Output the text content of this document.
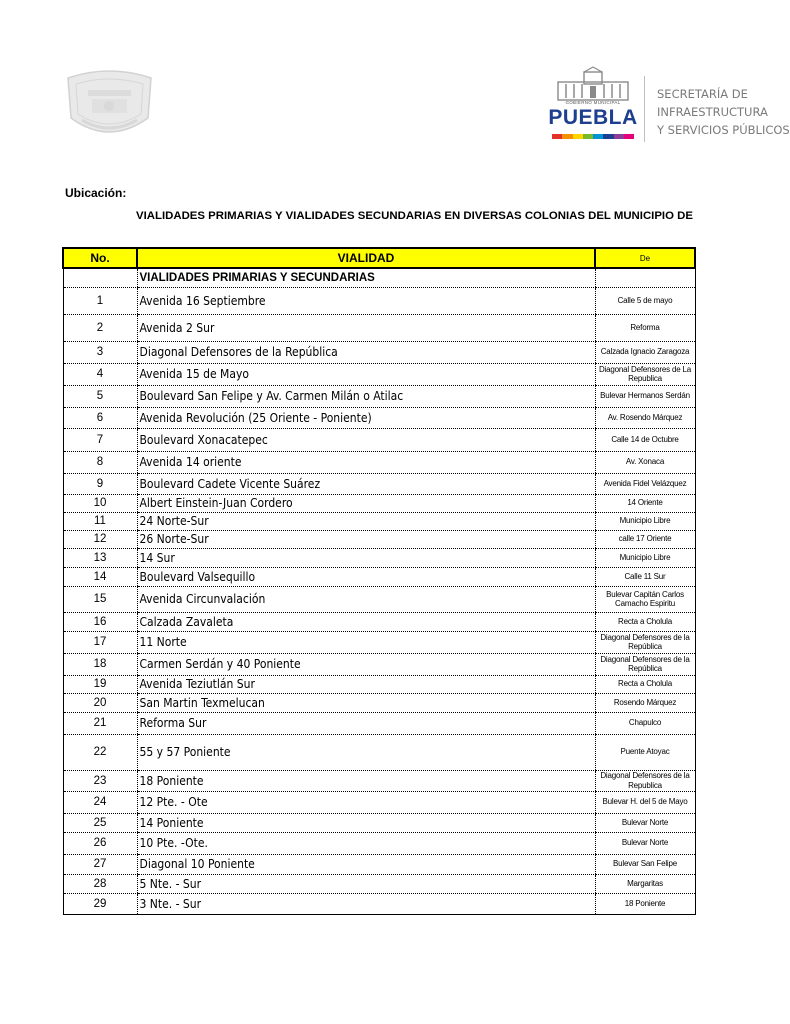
GOBIERNO MUNICIPAL
PUEBLA
SECRETARÍA DE
INFRAESTRUCTURA
Y SERVICIOS PÚBLICOS
Ubicación:
VIALIDADES PRIMARIAS Y VIALIDADES SECUNDARIAS EN DIVERSAS COLONIAS DEL MUNICIPIO DE
No.	VIALIDAD	De
	VIALIDADES PRIMARIAS Y SECUNDARIAS	
1	Avenida 16 Septiembre	Calle 5 de mayo
2	Avenida 2 Sur	Reforma
3	Diagonal Defensores de la República	Calzada Ignacio Zaragoza
4	Avenida 15 de Mayo	Diagonal Defensores de La Republica
5	Boulevard San Felipe y Av. Carmen Milán o Atilac	Bulevar Hermanos Serdán
6	Avenida Revolución (25 Oriente - Poniente)	Av. Rosendo Márquez
7	Boulevard Xonacatepec	Calle 14 de Octubre
8	Avenida 14 oriente	Av. Xonaca
9	Boulevard Cadete Vicente Suárez	Avenida Fidel Velázquez
10	Albert Einstein-Juan Cordero	14 Oriente
11	24 Norte-Sur	Municipio Libre
12	26 Norte-Sur	calle 17 Oriente
13	14 Sur	Municipio Libre
14	Boulevard Valsequillo	Calle 11 Sur
15	Avenida Circunvalación	Bulevar Capitán Carlos Camacho Espiritu
16	Calzada Zavaleta	Recta a Cholula
17	11 Norte	Diagonal Defensores de la República
18	Carmen Serdán y 40 Poniente	Diagonal Defensores de la República
19	Avenida Teziutlán Sur	Recta a Cholula
20	San Martin Texmelucan	Rosendo Márquez
21	Reforma Sur	Chapulco
22	55 y 57 Poniente	Puente Atoyac
23	18 Poniente	Diagonal Defensores de la Republica
24	12 Pte. - Ote	Bulevar H. del 5 de Mayo
25	14 Poniente	Bulevar Norte
26	10 Pte. -Ote.	Bulevar Norte
27	Diagonal 10 Poniente	Bulevar San Felipe
28	5 Nte. - Sur	Margaritas
29	3 Nte. - Sur	18 Poniente
